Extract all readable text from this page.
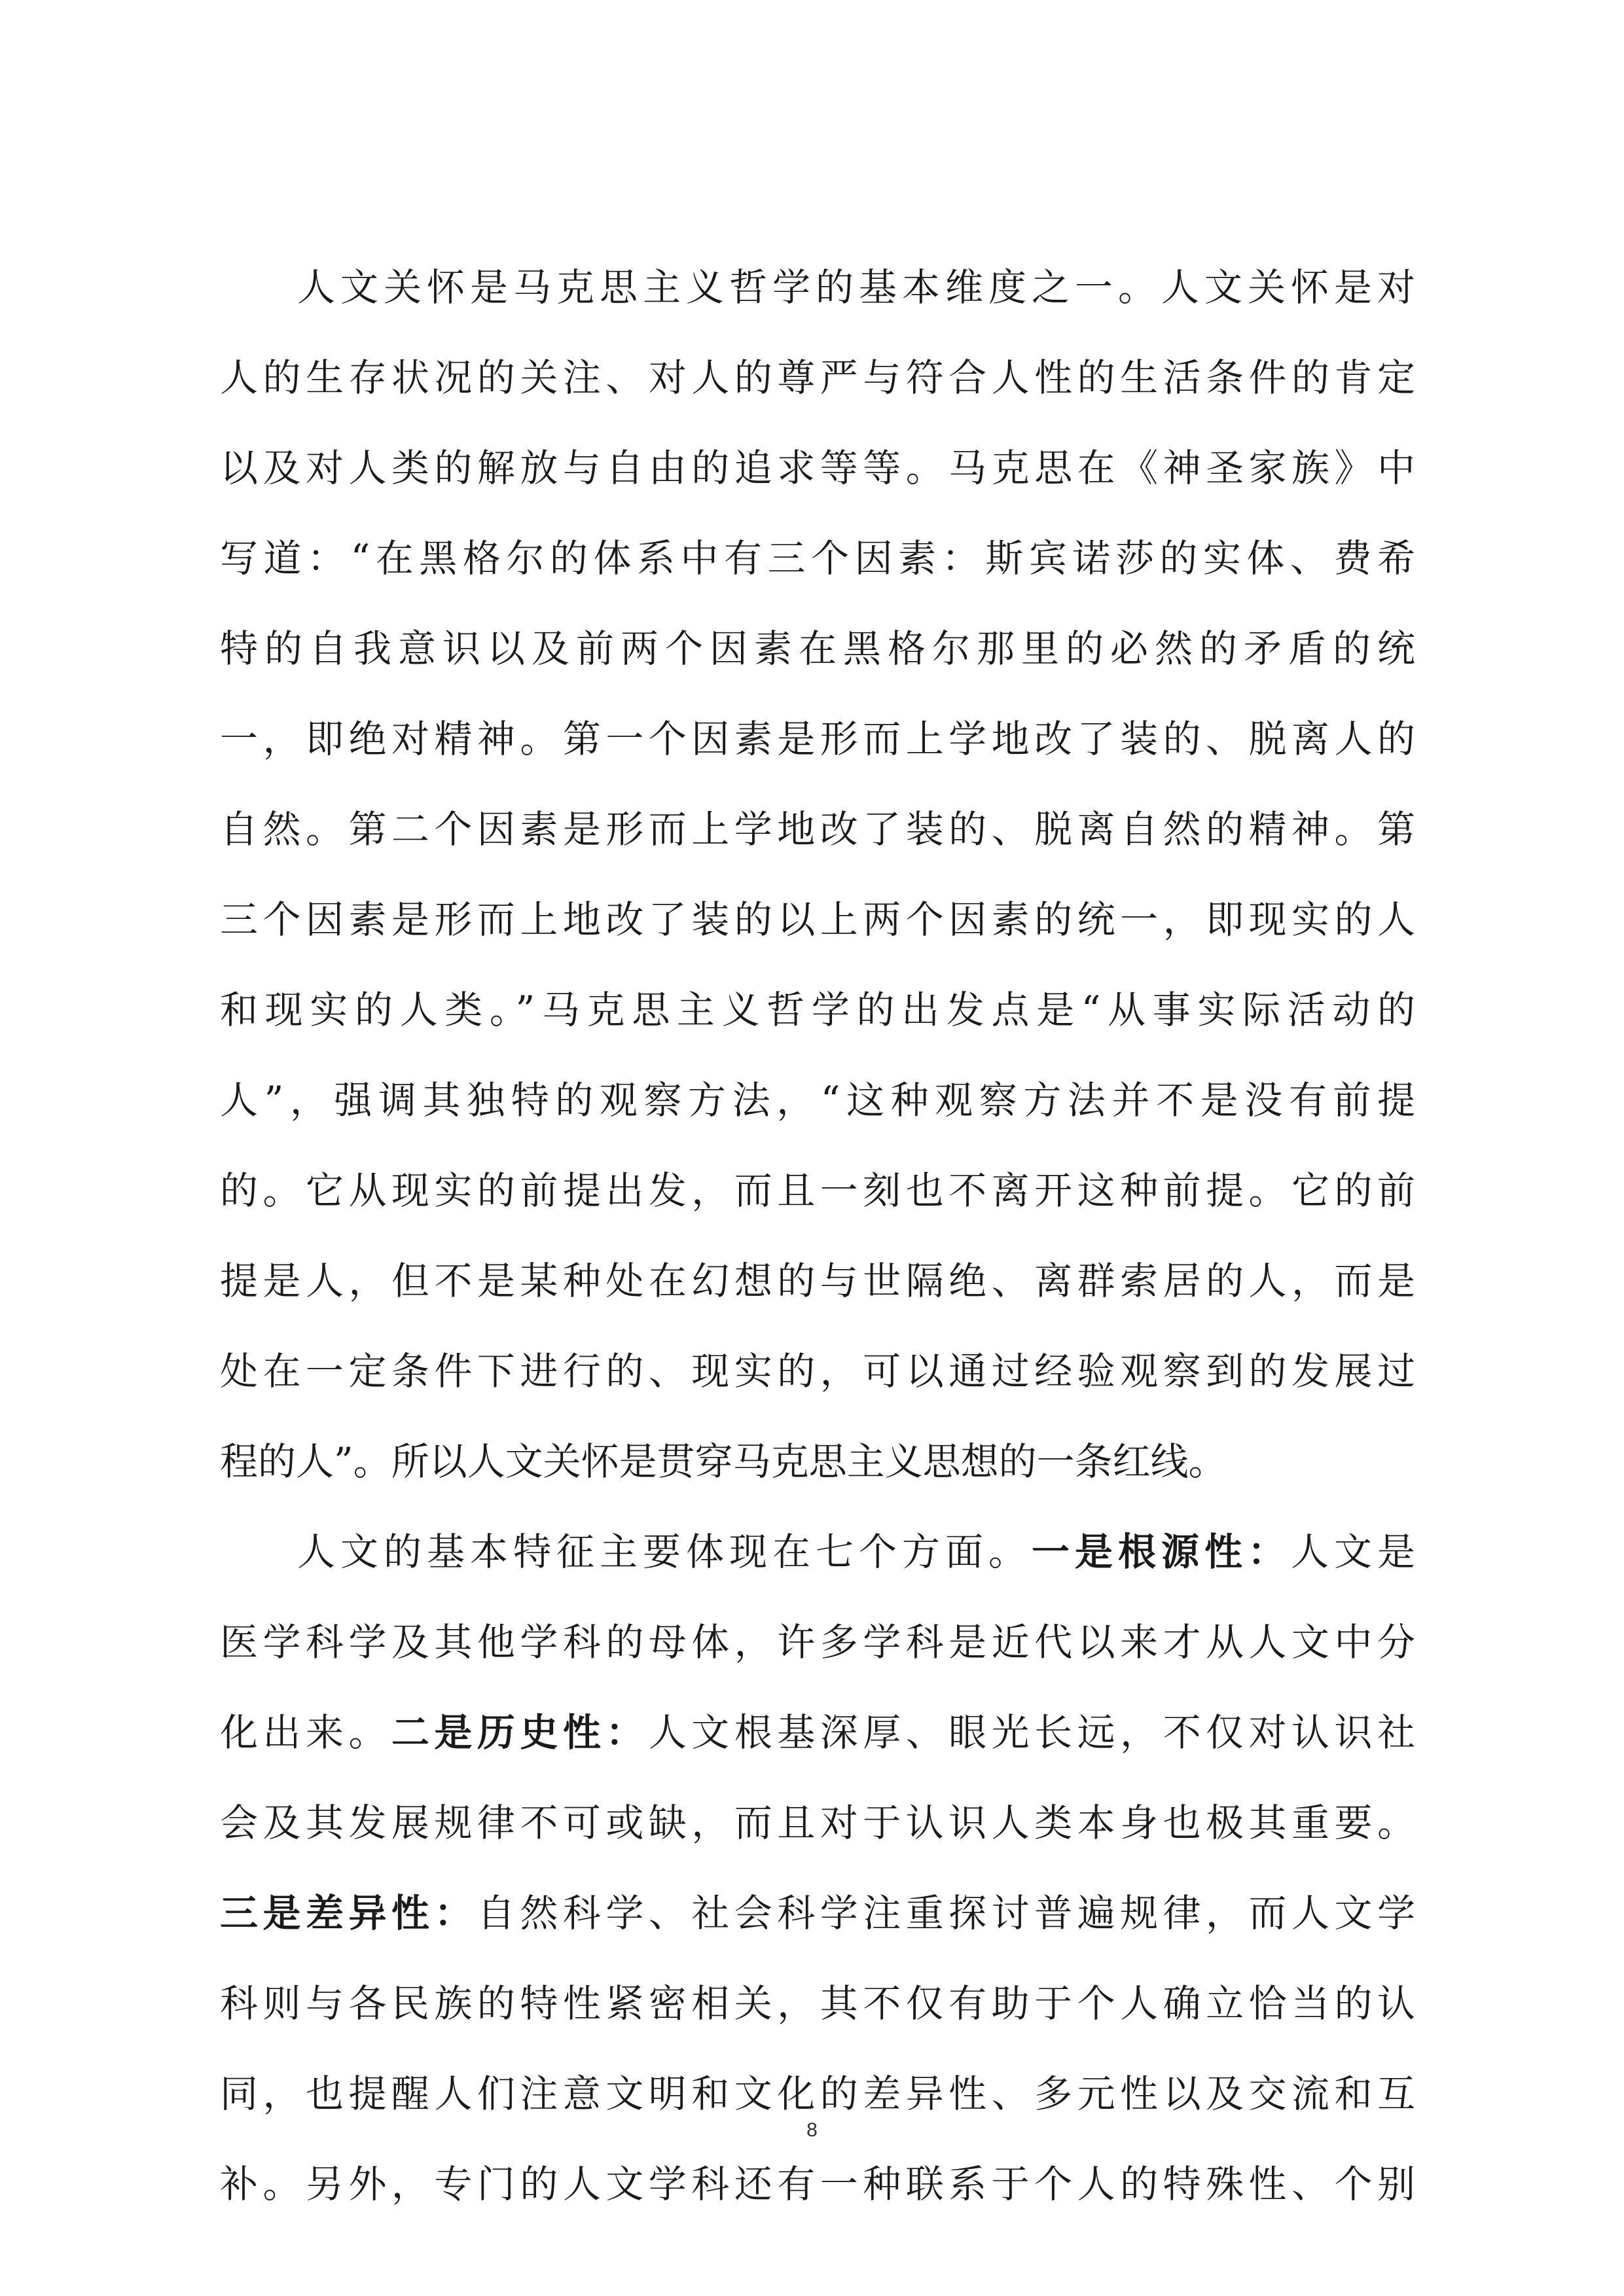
人文关怀是马克思主义哲学的基本维度之一。人文关怀是对
人的生存状况的关注、对人的尊严与符合人性的生活条件的肯定
以及对人类的解放与自由的追求等等。马克思在《神圣家族》中
写道：“在黑格尔的体系中有三个因素：斯宾诺莎的实体、费希
特的自我意识以及前两个因素在黑格尔那里的必然的矛盾的统
一，即绝对精神。第一个因素是形而上学地改了装的、脱离人的
自然。第二个因素是形而上学地改了装的、脱离自然的精神。第
三个因素是形而上地改了装的以上两个因素的统一，即现实的人
和现实的人类。”马克思主义哲学的出发点是“从事实际活动的
人”，强调其独特的观察方法，“这种观察方法并不是没有前提
的。它从现实的前提出发，而且一刻也不离开这种前提。它的前
提是人，但不是某种处在幻想的与世隔绝、离群索居的人，而是
处在一定条件下进行的、现实的，可以通过经验观察到的发展过
程的人”。所以人文关怀是贯穿马克思主义思想的一条红线。
人文的基本特征主要体现在七个方面。一是根源性：人文是
医学科学及其他学科的母体，许多学科是近代以来才从人文中分
化出来。二是历史性：人文根基深厚、眼光长远，不仅对认识社
会及其发展规律不可或缺，而且对于认识人类本身也极其重要。
三是差异性：自然科学、社会科学注重探讨普遍规律，而人文学
科则与各民族的特性紧密相关，其不仅有助于个人确立恰当的认
同，也提醒人们注意文明和文化的差异性、多元性以及交流和互
补。另外，专门的人文学科还有一种联系于个人的特殊性、个别
8
